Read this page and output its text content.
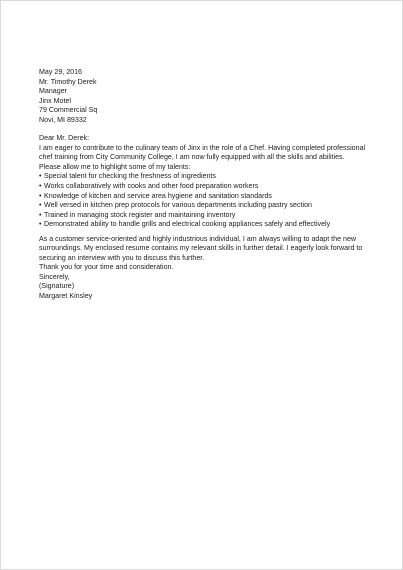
May 29, 2016

Mr. Timothy Derek
Manager
Jinx Motel
79 Commercial Sq
Novi, MI 89332

Dear Mr. Derek:

I am eager to contribute to the culinary team of Jinx in the role of a Chef. Having completed professional chef training from City Community College, I am now fully equipped with all the skills and abilities.

Please allow me to highlight some of my talents:

• Special talent for checking the freshness of ingredients
• Works collaboratively with cooks and other food preparation workers
• Knowledge of kitchen and service area hygiene and sanitation standards
• Well versed in kitchen prep protocols for various departments including pastry section
• Trained in managing stock register and maintaining inventory
• Demonstrated ability to handle grills and electrical cooking appliances safely and effectively

As a customer service-oriented and highly industrious individual, I am always willing to adapt the new surroundings. My enclosed resume contains my relevant skills in further detail. I eagerly look forward to securing an interview with you to discuss this further.

Thank you for your time and consideration.

Sincerely,

(Signature)

Margaret Kinsley
